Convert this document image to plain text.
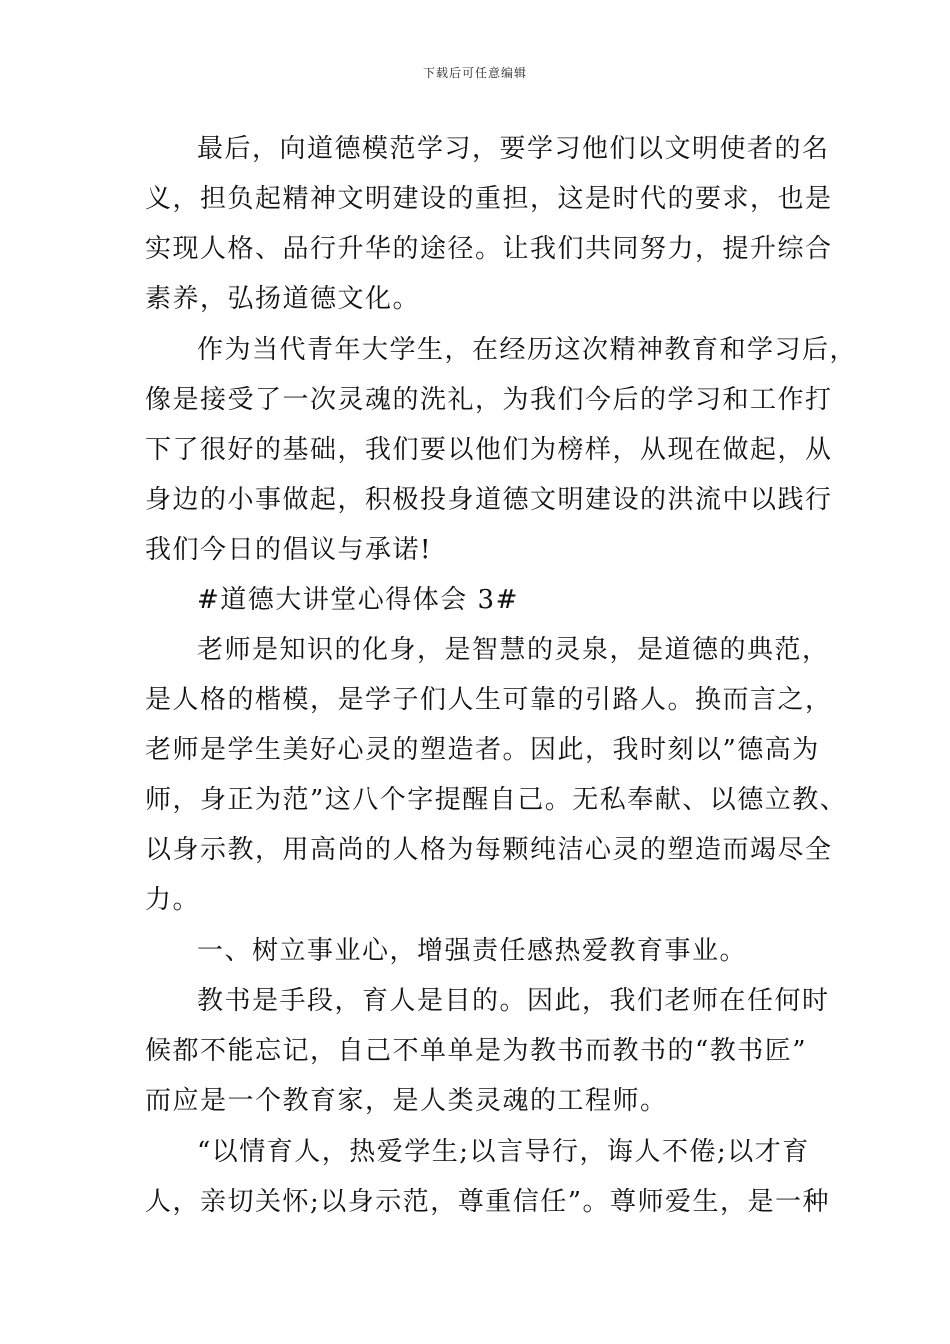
下载后可任意编辑
最后，向道德模范学习，要学习他们以文明使者的名
义，担负起精神文明建设的重担，这是时代的要求，也是
实现人格、品行升华的途径。让我们共同努力，提升综合
素养，弘扬道德文化。
作为当代青年大学生，在经历这次精神教育和学习后，
像是接受了一次灵魂的洗礼，为我们今后的学习和工作打
下了很好的基础，我们要以他们为榜样，从现在做起，从
身边的小事做起，积极投身道德文明建设的洪流中以践行
我们今日的倡议与承诺!
#道德大讲堂心得体会 3#
老师是知识的化身，是智慧的灵泉，是道德的典范，
是人格的楷模，是学子们人生可靠的引路人。换而言之，
老师是学生美好心灵的塑造者。因此，我时刻以”德高为
师，身正为范”这八个字提醒自己。无私奉献、以德立教、
以身示教，用高尚的人格为每颗纯洁心灵的塑造而竭尽全
力。
一、树立事业心，增强责任感热爱教育事业。
教书是手段，育人是目的。因此，我们老师在任何时
候都不能忘记，自己不单单是为教书而教书的“教书匠”
而应是一个教育家，是人类灵魂的工程师。
“以情育人，热爱学生;以言导行，诲人不倦;以才育
人，亲切关怀;以身示范，尊重信任”。尊师爱生，是一种
